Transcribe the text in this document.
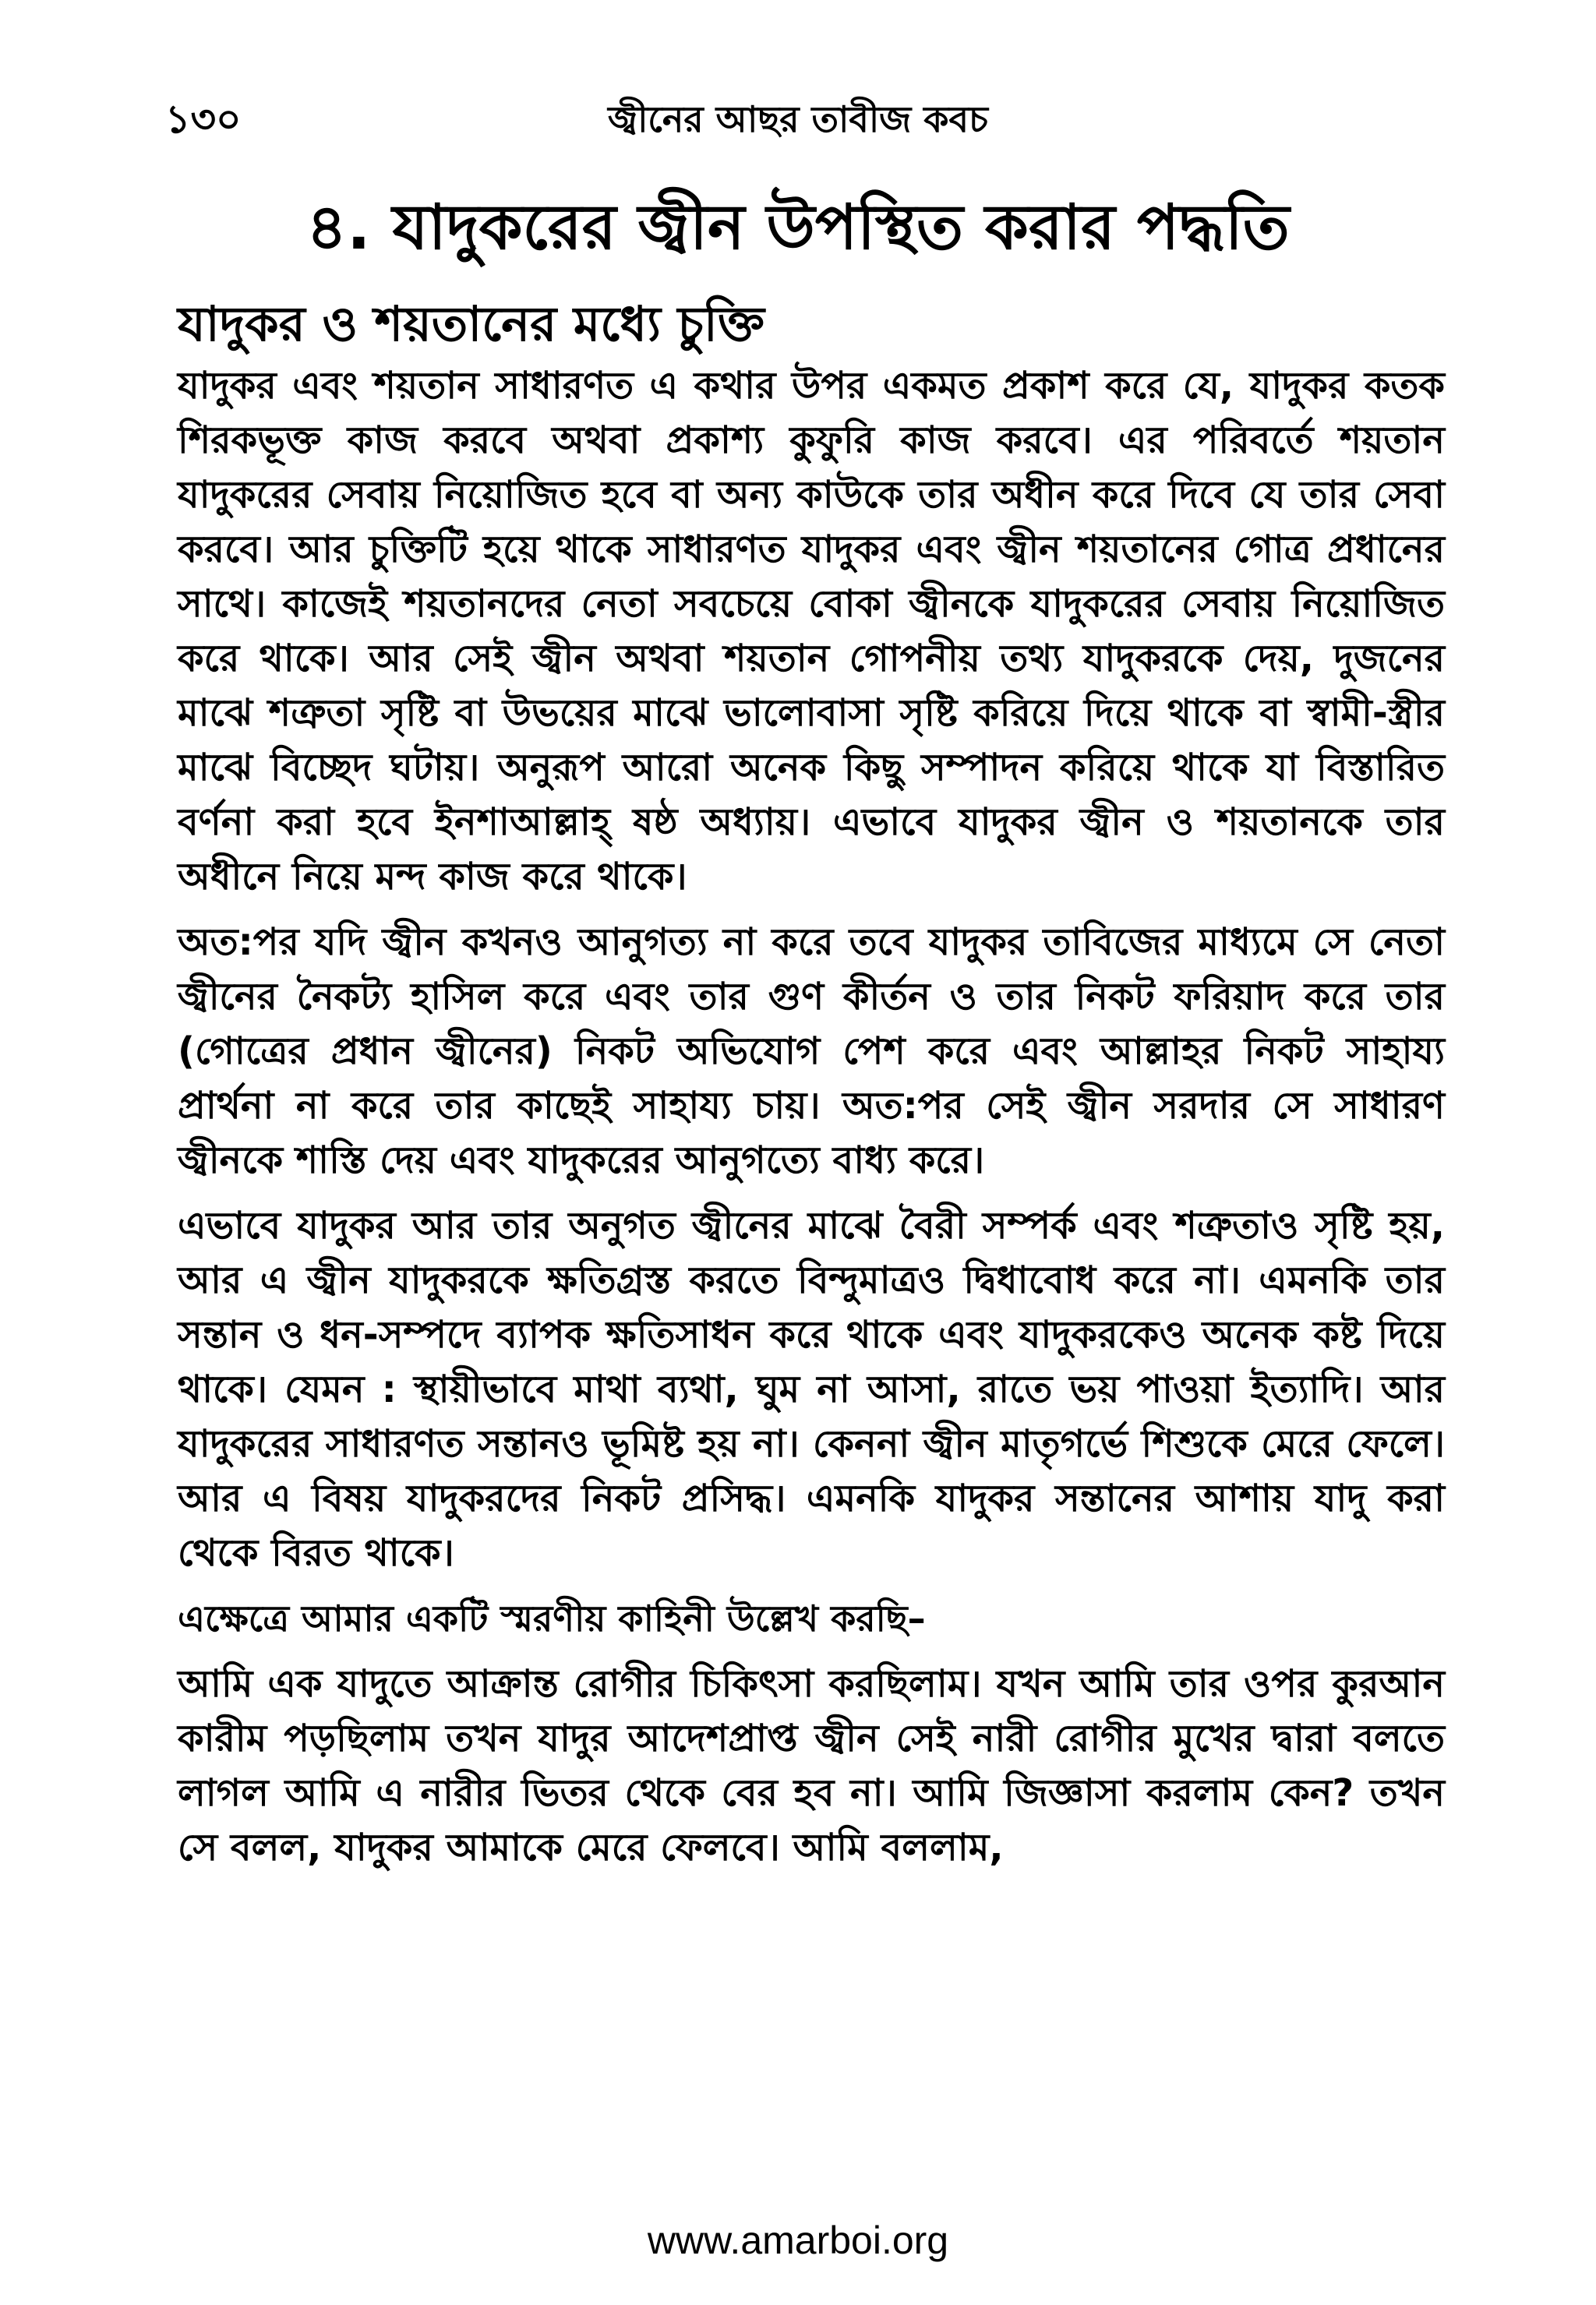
১৩০	জ্বীনের আছর তাবীজ কবচ
৪. যাদুকরের জ্বীন উপস্থিত করার পদ্ধতি
যাদুকর ও শয়তানের মধ্যে চুক্তি

যাদুকর এবং শয়তান সাধারণত এ কথার উপর একমত প্রকাশ করে যে, যাদুকর কতক শিরকভূক্ত কাজ করবে অথবা প্রকাশ্য কুফুরি কাজ করবে। এর পরিবর্তে শয়তান যাদুকরের সেবায় নিয়োজিত হবে বা অন্য কাউকে তার অধীন করে দিবে যে তার সেবা করবে। আর চুক্তিটি হয়ে থাকে সাধারণত যাদুকর এবং জ্বীন শয়তানের গোত্র প্রধানের সাথে। কাজেই শয়তানদের নেতা সবচেয়ে বোকা জ্বীনকে যাদুকরের সেবায় নিয়োজিত করে থাকে। আর সেই জ্বীন অথবা শয়তান গোপনীয় তথ্য যাদুকরকে দেয়, দুজনের মাঝে শত্রুতা সৃষ্টি বা উভয়ের মাঝে ভালোবাসা সৃষ্টি করিয়ে দিয়ে থাকে বা স্বামী-স্ত্রীর মাঝে বিচ্ছেদ ঘটায়। অনুরূপ আরো অনেক কিছু সম্পাদন করিয়ে থাকে যা বিস্তারিত বর্ণনা করা হবে ইনশাআল্লাহ্ ষষ্ঠ অধ্যায়। এভাবে যাদুকর জ্বীন ও শয়তানকে তার অধীনে নিয়ে মন্দ কাজ করে থাকে।

অত:পর যদি জ্বীন কখনও আনুগত্য না করে তবে যাদুকর তাবিজের মাধ্যমে সে নেতা জ্বীনের নৈকট্য হাসিল করে এবং তার গুণ কীর্তন ও তার নিকট ফরিয়াদ করে তার (গোত্রের প্রধান জ্বীনের) নিকট অভিযোগ পেশ করে এবং আল্লাহর নিকট সাহায্য প্রার্থনা না করে তার কাছেই সাহায্য চায়। অত:পর সেই জ্বীন সরদার সে সাধারণ জ্বীনকে শাস্তি দেয় এবং যাদুকরের আনুগত্যে বাধ্য করে।

এভাবে যাদুকর আর তার অনুগত জ্বীনের মাঝে বৈরী সম্পর্ক এবং শত্রুতাও সৃষ্টি হয়, আর এ জ্বীন যাদুকরকে ক্ষতিগ্রস্ত করতে বিন্দুমাত্রও দ্বিধাবোধ করে না। এমনকি তার সন্তান ও ধন-সম্পদে ব্যাপক ক্ষতিসাধন করে থাকে এবং যাদুকরকেও অনেক কষ্ট দিয়ে থাকে। যেমন : স্থায়ীভাবে মাথা ব্যথা, ঘুম না আসা, রাতে ভয় পাওয়া ইত্যাদি। আর যাদুকরের সাধারণত সন্তানও ভূমিষ্ট হয় না। কেননা জ্বীন মাতৃগর্ভে শিশুকে মেরে ফেলে। আর এ বিষয় যাদুকরদের নিকট প্রসিদ্ধ। এমনকি যাদুকর সন্তানের আশায় যাদু করা থেকে বিরত থাকে।

এক্ষেত্রে আমার একটি স্মরণীয় কাহিনী উল্লেখ করছি–

আমি এক যাদুতে আক্রান্ত রোগীর চিকিৎসা করছিলাম। যখন আমি তার ওপর কুরআন কারীম পড়ছিলাম তখন যাদুর আদেশপ্রাপ্ত জ্বীন সেই নারী রোগীর মুখের দ্বারা বলতে লাগল আমি এ নারীর ভিতর থেকে বের হব না। আমি জিজ্ঞাসা করলাম কেন? তখন সে বলল, যাদুকর আমাকে মেরে ফেলবে। আমি বললাম,

www.amarboi.org
